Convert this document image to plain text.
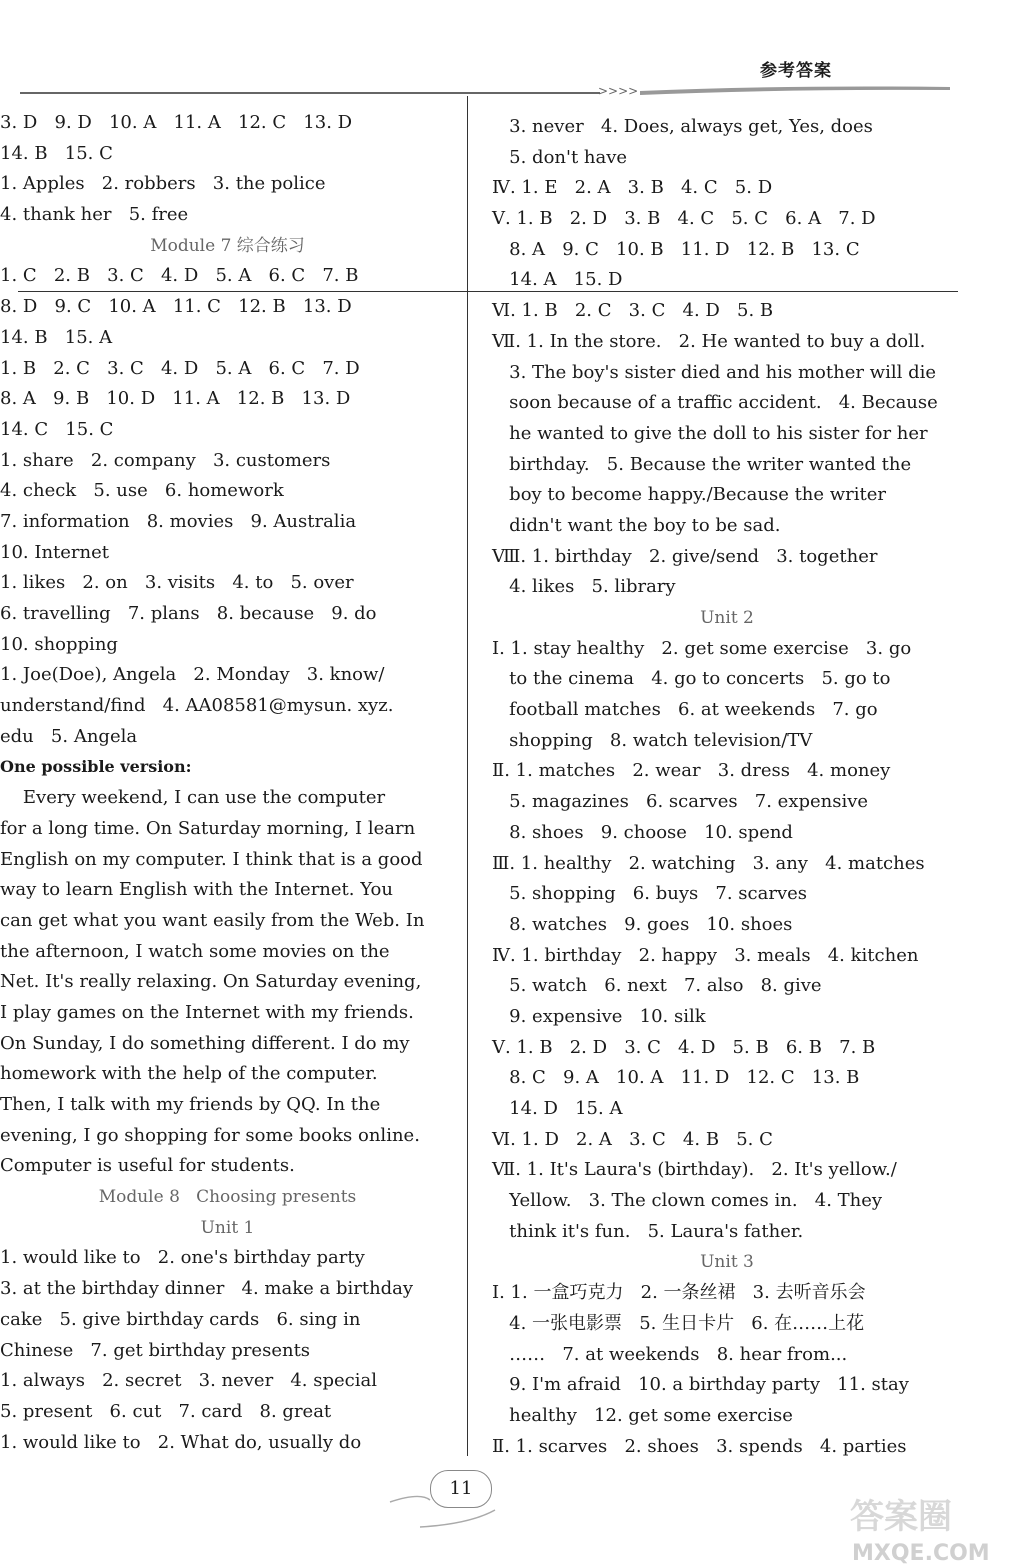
参考答案
>>>>
3. D   9. D   10. A   11. A   12. C   13. D
14. B   15. C
1. Apples   2. robbers   3. the police
4. thank her   5. free
Module 7 综合练习
1. C   2. B   3. C   4. D   5. A   6. C   7. B
8. D   9. C   10. A   11. C   12. B   13. D
14. B   15. A
1. B   2. C   3. C   4. D   5. A   6. C   7. D
8. A   9. B   10. D   11. A   12. B   13. D
14. C   15. C
1. share   2. company   3. customers
4. check   5. use   6. homework
7. information   8. movies   9. Australia
10. Internet
1. likes   2. on   3. visits   4. to   5. over
6. travelling   7. plans   8. because   9. do
10. shopping
1. Joe(Doe), Angela   2. Monday   3. know/
understand/find   4. AA08581@mysun. xyz.
edu   5. Angela
One possible version:
Every weekend, I can use the computer
for a long time. On Saturday morning, I learn
English on my computer. I think that is a good
way to learn English with the Internet. You
can get what you want easily from the Web. In
the afternoon, I watch some movies on the
Net. It's really relaxing. On Saturday evening,
I play games on the Internet with my friends.
On Sunday, I do something different. I do my
homework with the help of the computer.
Then, I talk with my friends by QQ. In the
evening, I go shopping for some books online.
Computer is useful for students.
Module 8   Choosing presents
Unit 1
1. would like to   2. one's birthday party
3. at the birthday dinner   4. make a birthday
cake   5. give birthday cards   6. sing in
Chinese   7. get birthday presents
1. always   2. secret   3. never   4. special
5. present   6. cut   7. card   8. great
1. would like to   2. What do, usually do
3. never   4. Does, always get, Yes, does
5. don't have
Ⅳ. 1. E   2. A   3. B   4. C   5. D
Ⅴ. 1. B   2. D   3. B   4. C   5. C   6. A   7. D
8. A   9. C   10. B   11. D   12. B   13. C
14. A   15. D
Ⅵ. 1. B   2. C   3. C   4. D   5. B
Ⅶ. 1. In the store.   2. He wanted to buy a doll.
3. The boy's sister died and his mother will die
soon because of a traffic accident.   4. Because
he wanted to give the doll to his sister for her
birthday.   5. Because the writer wanted the
boy to become happy./Because the writer
didn't want the boy to be sad.
Ⅷ. 1. birthday   2. give/send   3. together
4. likes   5. library
Unit 2
Ⅰ. 1. stay healthy   2. get some exercise   3. go
to the cinema   4. go to concerts   5. go to
football matches   6. at weekends   7. go
shopping   8. watch television/TV
Ⅱ. 1. matches   2. wear   3. dress   4. money
5. magazines   6. scarves   7. expensive
8. shoes   9. choose   10. spend
Ⅲ. 1. healthy   2. watching   3. any   4. matches
5. shopping   6. buys   7. scarves
8. watches   9. goes   10. shoes
Ⅳ. 1. birthday   2. happy   3. meals   4. kitchen
5. watch   6. next   7. also   8. give
9. expensive   10. silk
Ⅴ. 1. B   2. D   3. C   4. D   5. B   6. B   7. B
8. C   9. A   10. A   11. D   12. C   13. B
14. D   15. A
Ⅵ. 1. D   2. A   3. C   4. B   5. C
Ⅶ. 1. It's Laura's (birthday).   2. It's yellow./
Yellow.   3. The clown comes in.   4. They
think it's fun.   5. Laura's father.
Unit 3
Ⅰ. 1. 一盒巧克力   2. 一条丝裙   3. 去听音乐会
4. 一张电影票   5. 生日卡片   6. 在……上花
……   7. at weekends   8. hear from...
9. I'm afraid   10. a birthday party   11. stay
healthy   12. get some exercise
Ⅱ. 1. scarves   2. shoes   3. spends   4. parties
11
答案圈
MXQE.COM
